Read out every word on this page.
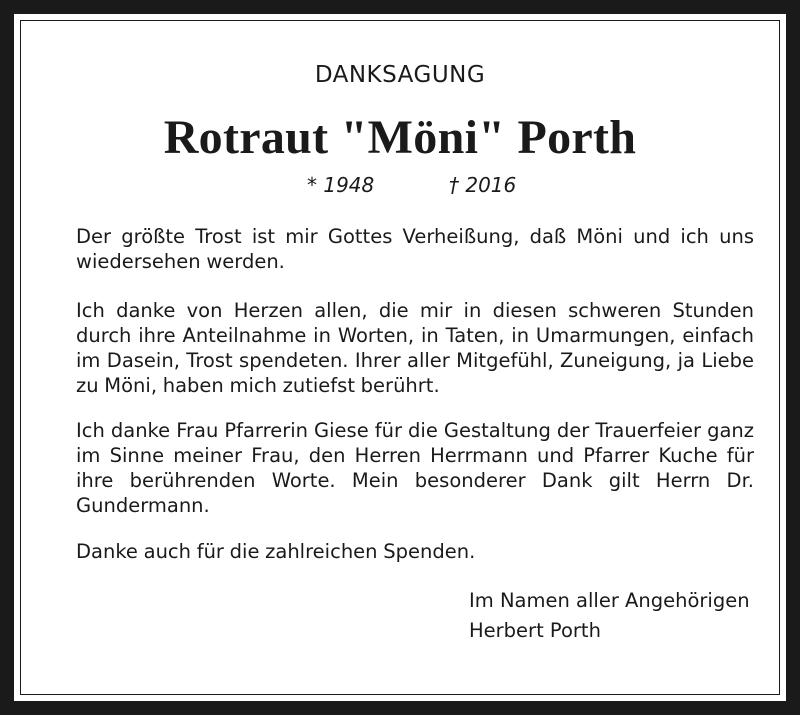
DANKSAGUNG
Rotraut "Möni" Porth
* 1948	† 2016
Der größte Trost ist mir Gottes Verheißung, daß Möni und ich uns wiedersehen werden.
Ich danke von Herzen allen, die mir in diesen schweren Stunden durch ihre Anteilnahme in Worten, in Taten, in Umarmungen, einfach im Dasein, Trost spendeten. Ihrer aller Mitgefühl, Zuneigung, ja Liebe zu Möni, haben mich zutiefst berührt.
Ich danke Frau Pfarrerin Giese für die Gestaltung der Trauerfeier ganz im Sinne meiner Frau, den Herren Herrmann und Pfarrer Kuche für ihre berührenden Worte. Mein besonderer Dank gilt Herrn Dr. Gundermann.
Danke auch für die zahlreichen Spenden.
Im Namen aller Angehörigen
Herbert Porth
